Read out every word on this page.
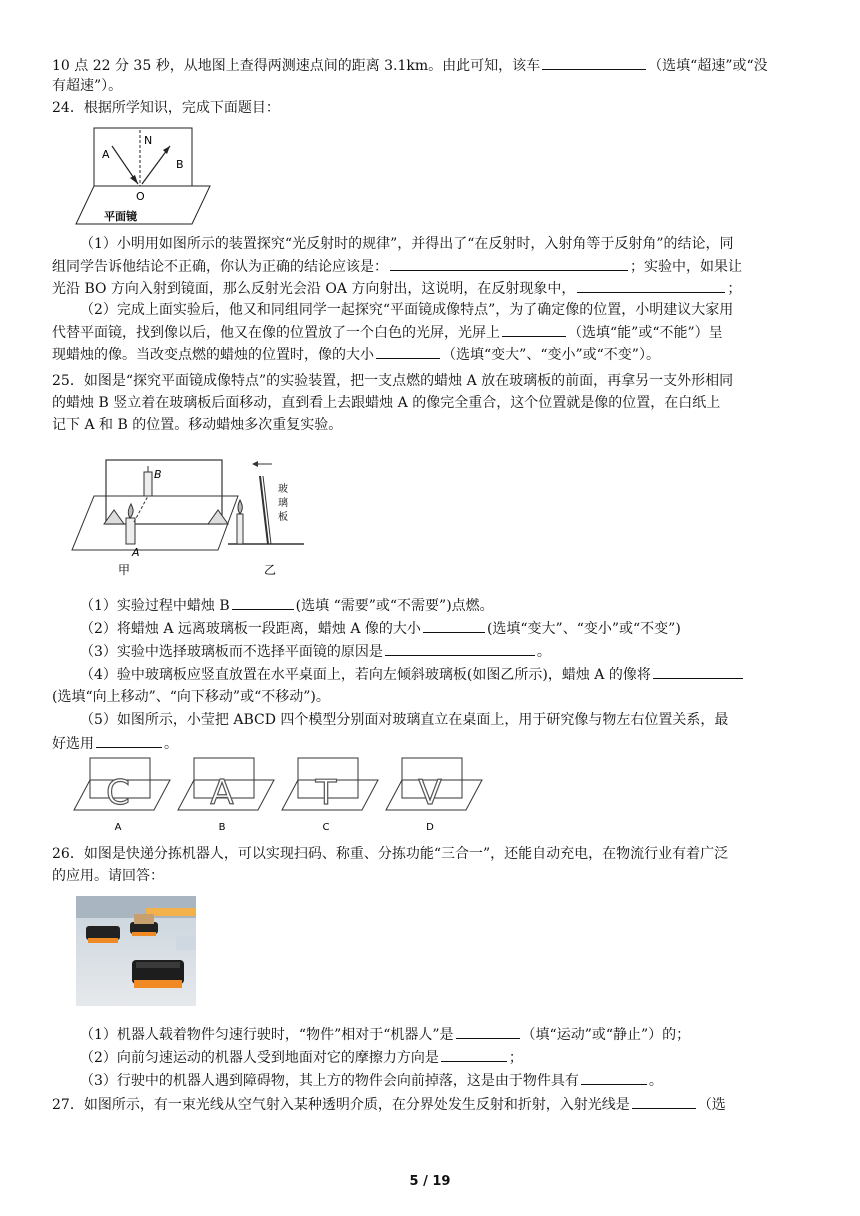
10 点 22 分 35 秒，从地图上查得两测速点间的距离 3.1km。由此可知，该车	（选填“超速”或“没
有超速”）。
24．根据所学知识，完成下面题目：
A
N
B
O
平面镜
（1）小明用如图所示的装置探究“光反射时的规律”，并得出了“在反射时，入射角等于反射角”的结论，同
组同学告诉他结论不正确，你认为正确的结论应该是：	；实验中，如果让
光沿 BO 方向入射到镜面，那么反射光会沿 OA 方向射出，这说明，在反射现象中，	；
（2）完成上面实验后，他又和同组同学一起探究“平面镜成像特点”，为了确定像的位置，小明建议大家用
代替平面镜，找到像以后，他又在像的位置放了一个白色的光屏，光屏上	（选填“能”或“不能”）呈
现蜡烛的像。当改变点燃的蜡烛的位置时，像的大小	（选填“变大”、“变小”或“不变”）。
25．如图是“探究平面镜成像特点”的实验装置，把一支点燃的蜡烛 A 放在玻璃板的前面，再拿另一支外形相同
的蜡烛 B 竖立着在玻璃板后面移动，直到看上去跟蜡烛 A 的像完全重合，这个位置就是像的位置，在白纸上
记下 A 和 B 的位置。移动蜡烛多次重复实验。
B
A
甲
玻
璃
板
乙
（1）实验过程中蜡烛 B	(选填 “需要”或“不需要”)点燃。
（2）将蜡烛 A 远离玻璃板一段距离，蜡烛 A 像的大小	(选填“变大”、“变小”或“不变”)
（3）实验中选择玻璃板而不选择平面镜的原因是	。
（4）验中玻璃板应竖直放置在水平桌面上，若向左倾斜玻璃板(如图乙所示)，蜡烛 A 的像将
(选填“向上移动”、“向下移动”或“不移动”)。
（5）如图所示，小莹把 ABCD 四个模型分别面对玻璃直立在桌面上，用于研究像与物左右位置关系，最
好选用	。
C
A
A
B
T
C
V
D
26．如图是快递分拣机器人，可以实现扫码、称重、分拣功能“三合一”，还能自动充电，在物流行业有着广泛
的应用。请回答：
（1）机器人载着物件匀速行驶时，“物件”相对于“机器人”是	（填“运动”或“静止”）的；
（2）向前匀速运动的机器人受到地面对它的摩擦力方向是	；
（3）行驶中的机器人遇到障碍物，其上方的物件会向前掉落，这是由于物件具有	。
27．如图所示，有一束光线从空气射入某种透明介质，在分界处发生反射和折射，入射光线是	（选
5 / 19
